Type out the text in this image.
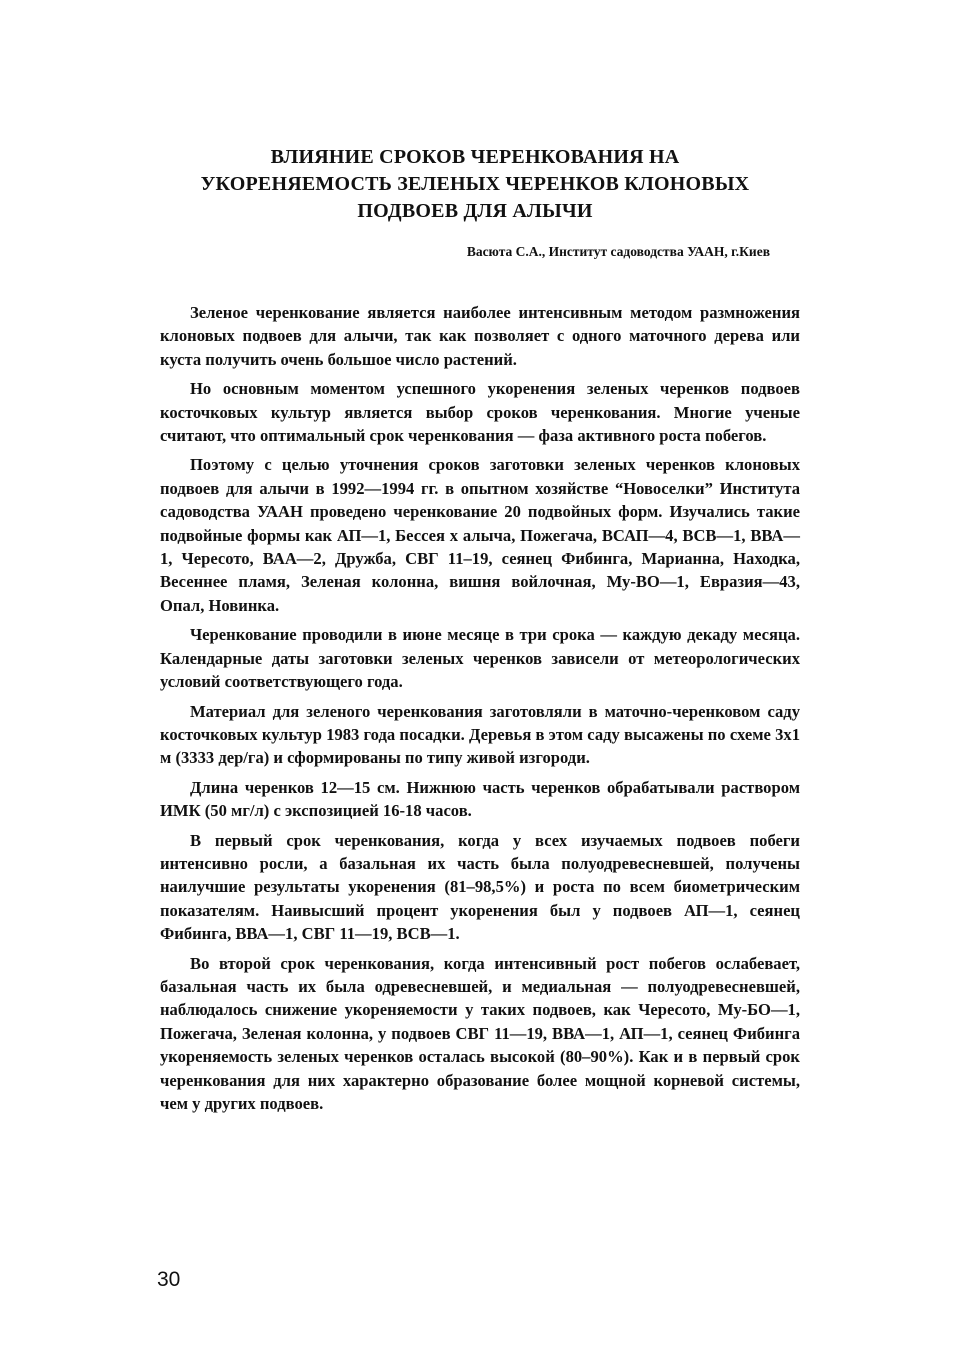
ВЛИЯНИЕ СРОКОВ ЧЕРЕНКОВАНИЯ НА
УКОРЕНЯЕМОСТЬ ЗЕЛЕНЫХ ЧЕРЕНКОВ КЛОНОВЫХ
ПОДВОЕВ ДЛЯ АЛЫЧИ
Васюта С.А., Институт садоводства УААН, г.Киев

Зеленое черенкование является наиболее интенсивным методом размножения клоновых подвоев для алычи, так как позволяет с одного маточного дерева или куста получить очень большое число растений.

Но основным моментом успешного укоренения зеленых черенков подвоев косточковых культур является выбор сроков черенкования. Многие ученые считают, что оптимальный срок черенкования — фаза активного роста побегов.

Поэтому с целью уточнения сроков заготовки зеленых черенков клоновых подвоев для алычи в 1992—1994 гг. в опытном хозяйстве “Новоселки” Института садоводства УААН проведено черенкование 20 подвойных форм. Изучались такие подвойные формы как АП—1, Бессея х алыча, Пожегача, ВСАП—4, ВСВ—1, ВВА—1, Чересото, ВАА—2, Дружба, СВГ 11–19, сеянец Фибинга, Марианна, Находка, Весеннее пламя, Зеленая колонна, вишня войлочная, Му-ВО—1, Евразия—43, Опал, Новинка.

Черенкование проводили в июне месяце в три срока — каждую декаду месяца. Календарные даты заготовки зеленых черенков зависели от метеорологических условий соответствующего года.

Материал для зеленого черенкования заготовляли в маточно-черенковом саду косточковых культур 1983 года посадки. Деревья в этом саду высажены по схеме 3х1 м (3333 дер/га) и сформированы по типу живой изгороди.

Длина черенков 12—15 см. Нижнюю часть черенков обрабатывали раствором ИМК (50 мг/л) с экспозицией 16-18 часов.

В первый срок черенкования, когда у всех изучаемых подвоев побеги интенсивно росли, а базальная их часть была полуодревесневшей, получены наилучшие результаты укоренения (81–98,5%) и роста по всем биометрическим показателям. Наивысший процент укоренения был у подвоев АП—1, сеянец Фибинга, ВВА—1, СВГ 11—19, ВСВ—1.

Во второй срок черенкования, когда интенсивный рост побегов ослабевает, базальная часть их была одревесневшей, и медиальная — полуодревесневшей, наблюдалось снижение укореняемости у таких подвоев, как Чересото, Му-БО—1, Пожегача, Зеленая колонна, у подвоев СВГ 11—19, ВВА—1, АП—1, сеянец Фибинга укореняемость зеленых черенков осталась высокой (80–90%). Как и в первый срок черенкования для них характерно образование более мощной корневой системы, чем у других подвоев.

30
